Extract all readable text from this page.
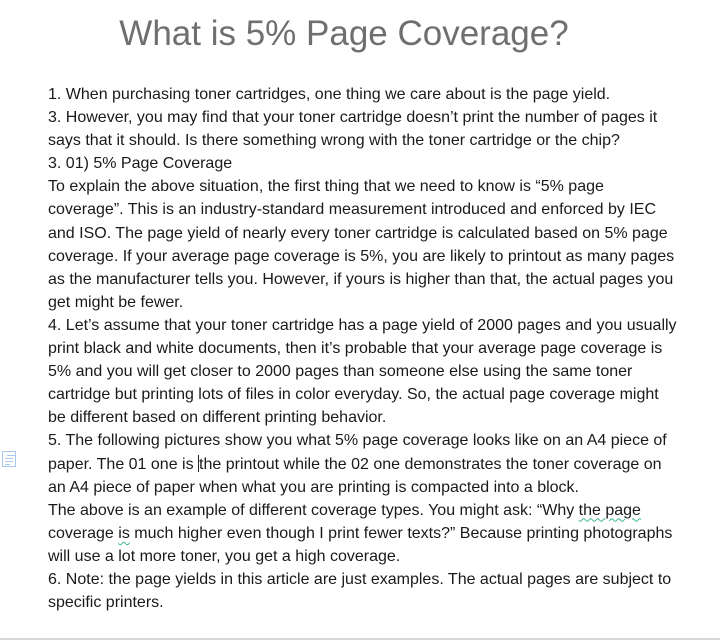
What is 5% Page Coverage?
1. When purchasing toner cartridges, one thing we care about is the page yield.
3. However, you may find that your toner cartridge doesn’t print the number of pages it
says that it should. Is there something wrong with the toner cartridge or the chip?
3. 01) 5% Page Coverage
To explain the above situation, the first thing that we need to know is “5% page
coverage”. This is an industry-standard measurement introduced and enforced by IEC
and ISO. The page yield of nearly every toner cartridge is calculated based on 5% page
coverage. If your average page coverage is 5%, you are likely to printout as many pages
as the manufacturer tells you. However, if yours is higher than that, the actual pages you
get might be fewer.
4. Let’s assume that your toner cartridge has a page yield of 2000 pages and you usually
print black and white documents, then it’s probable that your average page coverage is
5% and you will get closer to 2000 pages than someone else using the same toner
cartridge but printing lots of files in color everyday. So, the actual page coverage might
be different based on different printing behavior.
5. The following pictures show you what 5% page coverage looks like on an A4 piece of
paper. The 01 one is the printout while the 02 one demonstrates the toner coverage on
an A4 piece of paper when what you are printing is compacted into a block.
The above is an example of different coverage types. You might ask: “Why the page
coverage is much higher even though I print fewer texts?” Because printing photographs
will use a lot more toner, you get a high coverage.
6. Note: the page yields in this article are just examples. The actual pages are subject to
specific printers.
